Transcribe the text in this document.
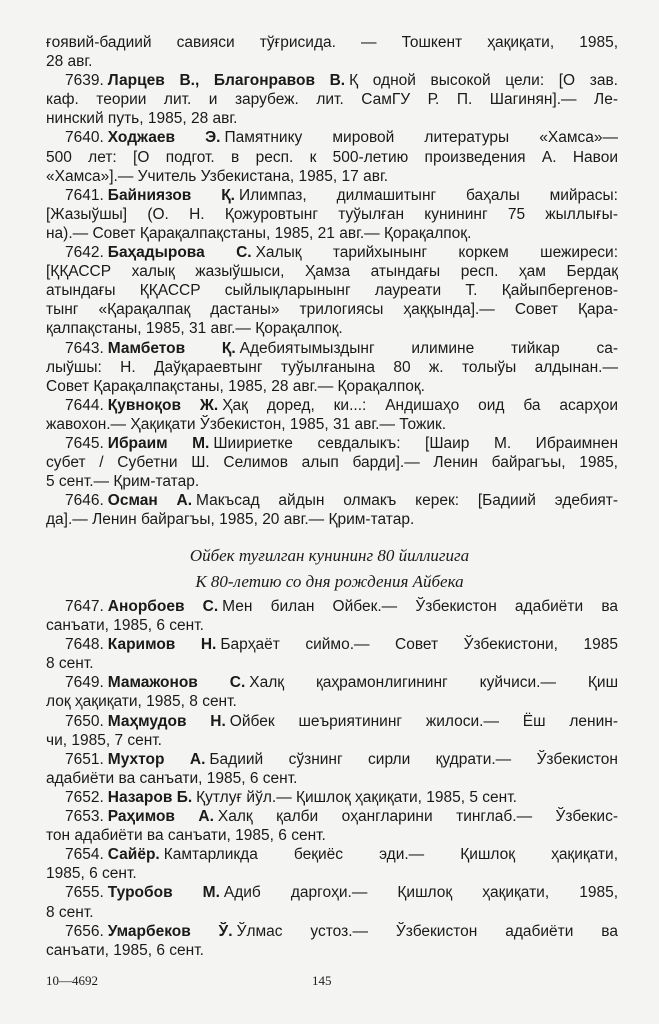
ғоявий-бадиий савияси тўғрисида. — Тошкент ҳақиқати, 1985,
28 авг.
7639. Ларцев В., Благонравов В. Қ одной высокой цели: [О зав.
каф. теории лит. и зарубеж. лит. СамГУ Р. П. Шагинян].— Ле-
нинский путь, 1985, 28 авг.
7640. Ходжаев Э. Памятнику мировой литературы «Хамса»—
500 лет: [О подгот. в респ. к 500-летию произведения А. Навои
«Хамса»].— Учитель Узбекистана, 1985, 17 авг.
7641. Байниязов Қ. Илимпаз, дилмашитынг баҳалы мийрасы:
[Жазыўшы] (О. Н. Қожуровтынг туўылған кунининг 75 жыллығы-
на).— Совет Қарақалпақстаны, 1985, 21 авг.— Қорақалпоқ.
7642. Баҳадырова С. Халық тарийхынынг коркем шежиреси:
[ҚҚАССР халық жазыўшыси, Ҳамза атындағы респ. ҳам Бердақ
атындағы ҚҚАССР сыйлықларынынг лауреати Т. Қайыпбергенов-
тынг «Қарақалпақ дастаны» трилогиясы ҳаққында].— Совет Қара-
қалпақстаны, 1985, 31 авг.— Қорақалпоқ.
7643. Мамбетов Қ. Адебиятымыздынг илимине тийкар са-
лыўшы: Н. Даўқараевтынг туўылғанына 80 ж. толыўы алдынан.—
Совет Қарақалпақстаны, 1985, 28 авг.— Қорақалпоқ.
7644. Қувноқов Ж. Ҳақ доред, ки...: Андишаҳо оид ба асарҳои
жавохон.— Ҳақиқати Ўзбекистон, 1985, 31 авг.— Тожик.
7645. Ибраим М. Шиириетке севдалыкъ: [Шаир М. Ибраимнен
субет / Субетни Ш. Селимов алып барди].— Ленин байрагъы, 1985,
5 сент.— Қрим-татар.
7646. Осман А. Макъсад айдын олмакъ керек: [Бадиий эдебият-
да].— Ленин байрагъы, 1985, 20 авг.— Қрим-татар.
Ойбек туғилган кунининг 80 йиллигига
К 80-летию со дня рождения Айбека
7647. Анорбоев С. Мен билан Ойбек.— Ўзбекистон адабиёти ва
санъати, 1985, 6 сент.
7648. Каримов Н. Барҳаёт сиймо.— Совет Ўзбекистони, 1985
8 сент.
7649. Мамажонов С. Халқ қаҳрамонлигининг куйчиси.— Қиш
лоқ ҳақиқати, 1985, 8 сент.
7650. Маҳмудов Н. Ойбек шеъриятининг жилоси.— Ёш ленин-
чи, 1985, 7 сент.
7651. Мухтор А. Бадиий сўзнинг сирли қудрати.— Ўзбекистон
адабиёти ва санъати, 1985, 6 сент.
7652. Назаров Б. Қутлуғ йўл.— Қишлоқ ҳақиқати, 1985, 5 сент.
7653. Раҳимов А. Халқ қалби оҳангларини тинглаб.— Ўзбекис-
тон адабиёти ва санъати, 1985, 6 сент.
7654. Сайёр. Камтарликда беқиёс эди.— Қишлоқ ҳақиқати,
1985, 6 сент.
7655. Туробов М. Адиб даргоҳи.— Қишлоқ ҳақиқати, 1985,
8 сент.
7656. Умарбеков Ў. Ўлмас устоз.— Ўзбекистон адабиёти ва
санъати, 1985, 6 сент.
10—4692	145
